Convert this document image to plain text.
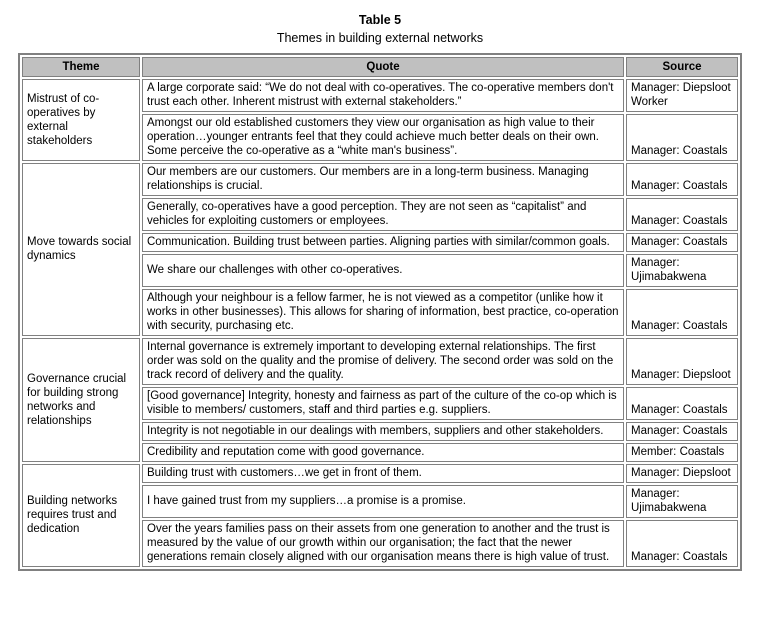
Table 5
Themes in building external networks
Theme	Quote	Source
Mistrust of co-operatives by external stakeholders	A large corporate said: “We do not deal with co-operatives. The co-operative members don't trust each other. Inherent mistrust with external stakeholders.”	Manager: Diepsloot Worker
	Amongst our old established customers they view our organisation as high value to their operation…younger entrants feel that they could achieve much better deals on their own. Some perceive the co-operative as a “white man's business”.	Manager: Coastals
Move towards social dynamics	Our members are our customers. Our members are in a long-term business. Managing relationships is crucial.	Manager: Coastals
	Generally, co-operatives have a good perception. They are not seen as “capitalist” and vehicles for exploiting customers or employees.	Manager: Coastals
	Communication. Building trust between parties. Aligning parties with similar/common goals.	Manager: Coastals
	We share our challenges with other co-operatives.	Manager: Ujimabakwena
	Although your neighbour is a fellow farmer, he is not viewed as a competitor (unlike how it works in other businesses). This allows for sharing of information, best practice, co-operation with security, purchasing etc.	Manager: Coastals
Governance crucial for building strong networks and relationships	Internal governance is extremely important to developing external relationships. The first order was sold on the quality and the promise of delivery. The second order was sold on the track record of delivery and the quality.	Manager: Diepsloot
	[Good governance] Integrity, honesty and fairness as part of the culture of the co-op which is visible to members/ customers, staff and third parties e.g. suppliers.	Manager: Coastals
	Integrity is not negotiable in our dealings with members, suppliers and other stakeholders.	Manager: Coastals
	Credibility and reputation come with good governance.	Member: Coastals
Building networks requires trust and dedication	Building trust with customers…we get in front of them.	Manager: Diepsloot
	I have gained trust from my suppliers…a promise is a promise.	Manager: Ujimabakwena
	Over the years families pass on their assets from one generation to another and the trust is measured by the value of our growth within our organisation; the fact that the newer generations remain closely aligned with our organisation means there is high value of trust.	Manager: Coastals
